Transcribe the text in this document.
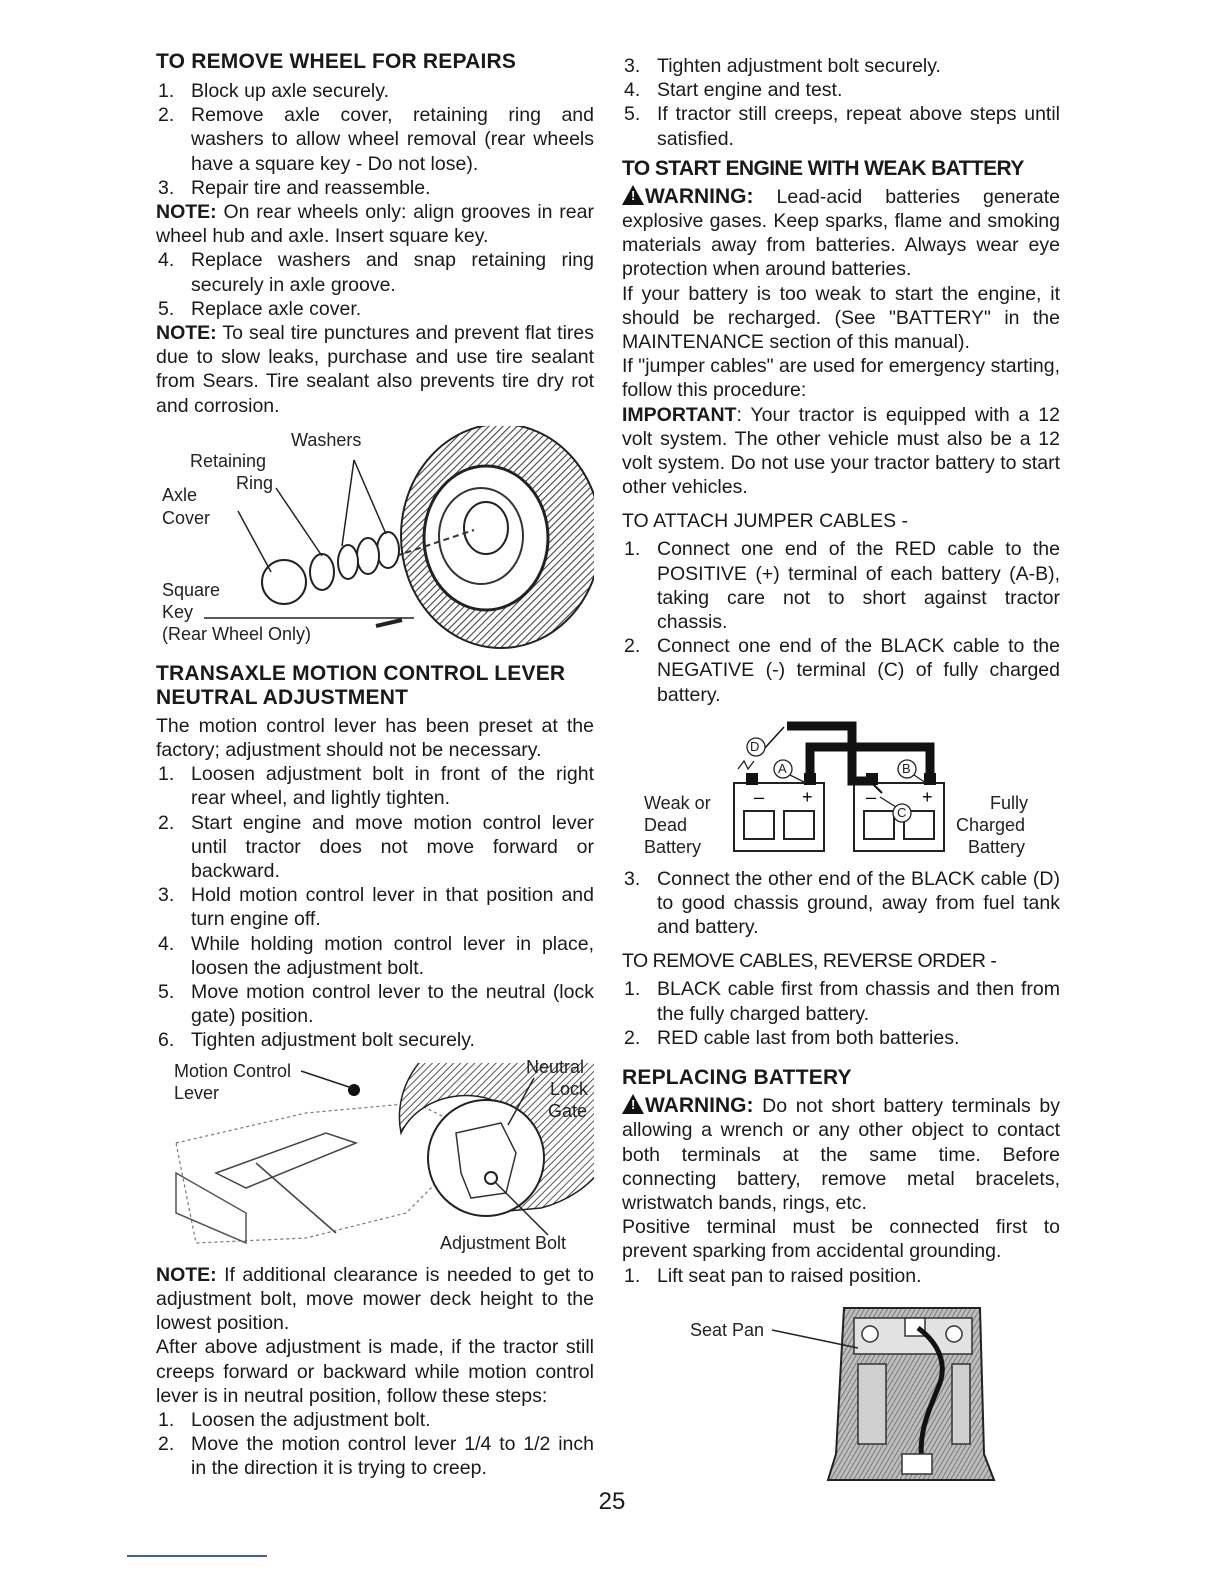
TO REMOVE WHEEL FOR REPAIRS
1. Block up axle securely.
2. Remove axle cover, retaining ring and washers to allow wheel removal (rear wheels have a square key - Do not lose).
3. Repair tire and reassemble.

NOTE: On rear wheels only: align grooves in rear wheel hub and axle. Insert square key.

4. Replace washers and snap retaining ring securely in axle groove.
5. Replace axle cover.

NOTE: To seal tire punctures and prevent flat tires due to slow leaks, purchase and use tire sealant from Sears. Tire sealant also prevents tire dry rot and corrosion.

Washers
Retaining
Ring
Axle
Cover
Square
Key
(Rear Wheel Only)
TRANSAXLE MOTION CONTROL LEVER
NEUTRAL ADJUSTMENT

The motion control lever has been preset at the factory; adjustment should not be necessary.

1. Loosen adjustment bolt in front of the right rear wheel, and lightly tighten.
2. Start engine and move motion control lever until tractor does not move forward or backward.
3. Hold motion control lever in that position and turn engine off.
4. While holding motion control lever in place, loosen the adjustment bolt.
5. Move motion control lever to the neutral (lock gate) position.
6. Tighten adjustment bolt securely.
Motion Control
Lever
Neutral
Lock
Gate
Adjustment Bolt

NOTE: If additional clearance is needed to get to adjustment bolt, move mower deck height to the lowest position.

After above adjustment is made, if the tractor still creeps forward or backward while motion control lever is in neutral position, follow these steps:

1. Loosen the adjustment bolt.
2. Move the motion control lever 1/4 to 1/2 inch in the direction it is trying to creep.
3. Tighten adjustment bolt securely.
4. Start engine and test.
5. If tractor still creeps, repeat above steps until satisfied.
TO START ENGINE WITH WEAK BATTERY

! WARNING: Lead-acid batteries generate explosive gases. Keep sparks, flame and smoking materials away from batteries. Always wear eye protection when around batteries.

If your battery is too weak to start the engine, it should be recharged. (See "BATTERY" in the MAINTENANCE section of this manual).

If "jumper cables" are used for emergency starting, follow this procedure:

IMPORTANT: Your tractor is equipped with a 12 volt system. The other vehicle must also be a 12 volt system. Do not use your tractor battery to start other vehicles.

TO ATTACH JUMPER CABLES -
1. Connect one end of the RED cable to the POSITIVE (+) terminal of each battery (A-B), taking care not to short against tractor chassis.
2. Connect one end of the BLACK cable to the NEGATIVE (-) terminal (C) of fully charged battery.
– +	–	+
D
A	B
C
Weak or
Dead
Battery
Fully
Charged
Battery
3. Connect the other end of the BLACK cable (D) to good chassis ground, away from fuel tank and battery.
TO REMOVE CABLES, REVERSE ORDER -
1. BLACK cable first from chassis and then from the fully charged battery.
2. RED cable last from both batteries.
REPLACING BATTERY

! WARNING: Do not short battery terminals by allowing a wrench or any other object to contact both terminals at the same time. Before connecting battery, remove metal bracelets, wristwatch bands, rings, etc.

Positive terminal must be connected first to prevent sparking from accidental grounding.

1. Lift seat pan to raised position.
Seat Pan
25
